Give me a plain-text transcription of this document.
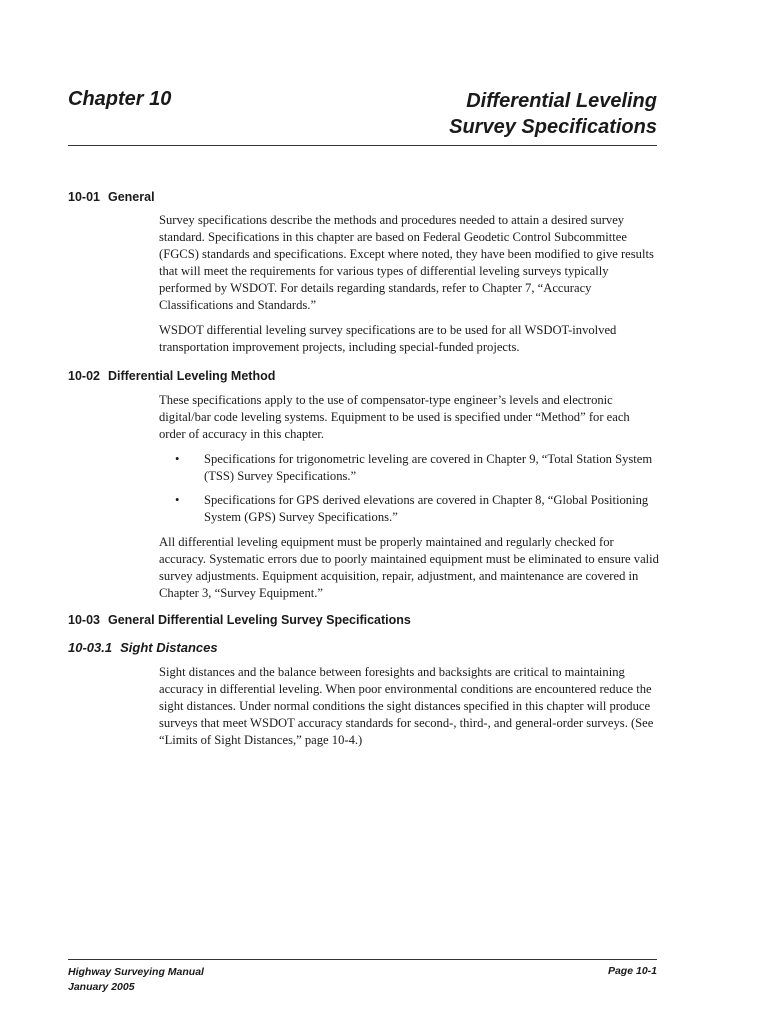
Chapter 10	Differential Leveling
Survey Specifications
10-01 General

Survey specifications describe the methods and procedures needed to attain a desired survey standard. Specifications in this chapter are based on Federal Geodetic Control Subcommittee (FGCS) standards and specifications. Except where noted, they have been modified to give results that will meet the requirements for various types of differential leveling surveys typically performed by WSDOT. For details regarding standards, refer to Chapter 7, “Accuracy Classifications and Standards.”

WSDOT differential leveling survey specifications are to be used for all WSDOT-involved transportation improvement projects, including special-funded projects.

10-02 Differential Leveling Method

These specifications apply to the use of compensator-type engineer’s levels and electronic digital/bar code leveling systems. Equipment to be used is specified under “Method” for each order of accuracy in this chapter.

• Specifications for trigonometric leveling are covered in Chapter 9, “Total Station System (TSS) Survey Specifications.”
• Specifications for GPS derived elevations are covered in Chapter 8, “Global Positioning System (GPS) Survey Specifications.”

All differential leveling equipment must be properly maintained and regularly checked for accuracy. Systematic errors due to poorly maintained equipment must be eliminated to ensure valid survey adjustments. Equipment acquisition, repair, adjustment, and maintenance are covered in Chapter 3, “Survey Equipment.”

10-03 General Differential Leveling Survey Specifications
10-03.1 Sight Distances

Sight distances and the balance between foresights and backsights are critical to maintaining accuracy in differential leveling. When poor environmental conditions are encountered reduce the sight distances. Under normal conditions the sight distances specified in this chapter will produce surveys that meet WSDOT accuracy standards for second-, third-, and general-order surveys. (See “Limits of Sight Distances,” page 10-4.)

Highway Surveying Manual
January 2005
Page 10-1
